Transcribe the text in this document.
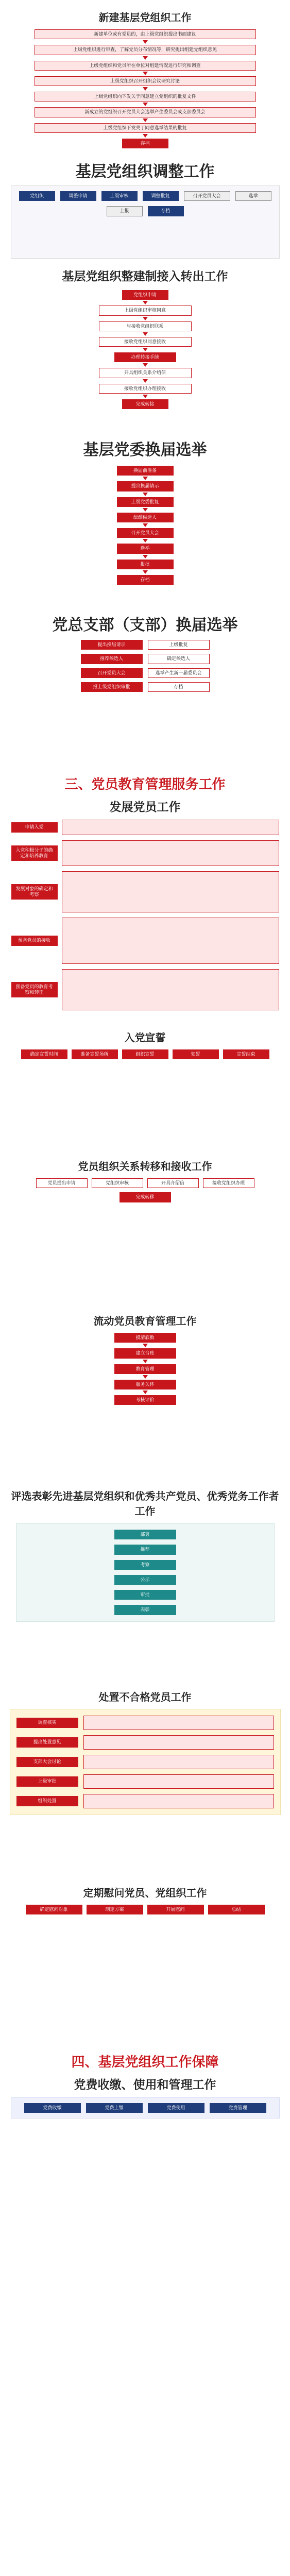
新建基层党组织工作
新建单位或有党员的，由上级党组织提出书面建议
上级党组织进行审查，了解党员分布情况等，研究提出组建党组织意见
上级党组织和党员所在单位对组建情况进行研究和调查
上级党组织召开组织会议研究讨论
上级党组织向下发关于同意建立党组织的批复文件
新成立的党组织召开党员大会选举产生委员会或支部委员会
上级党组织下发关于同意选举结果的批复
存档
基层党组织调整工作
党组织	调整申请	上级审核	调整批复	召开党员大会	选举
上报	存档
基层党组织整建制接入转出工作
党组织申请
上级党组织审核同意
与接收党组织联系
接收党组织同意接收
办理转接手续
开具组织关系介绍信
接收党组织办理接收
完成转接
基层党委换届选举
换届前准备
提出换届请示
上级党委批复
酝酿候选人
召开党员大会
选举
报批
存档
党总支部（支部）换届选举
提出换届请示	上级批复
推荐候选人	确定候选人
召开党员大会	选举产生新一届委员会
报上级党组织审批	存档
三、党员教育管理服务工作
发展党员工作
申请入党
入党积极分子的确定和培养教育
发展对象的确定和考察
预备党员的接收
预备党员的教育考察和转正
入党宣誓
确定宣誓时间	准备宣誓场所	组织宣誓	领誓	宣誓结束
党员组织关系转移和接收工作
党员提出申请	党组织审核	开具介绍信	接收党组织办理
完成转移
流动党员教育管理工作
摸清底数
建立台账
教育管理
服务关怀
考核评价
评选表彰先进基层党组织和优秀共产党员、优秀党务工作者工作
部署
推荐
考察
公示
审批
表彰
处置不合格党员工作
调查核实
提出处置意见
支部大会讨论
上级审批
组织处置
定期慰问党员、党组织工作
确定慰问对象	制定方案	开展慰问	总结
四、基层党组织工作保障
党费收缴、使用和管理工作
党费收缴	党费上缴	党费使用	党费管理
